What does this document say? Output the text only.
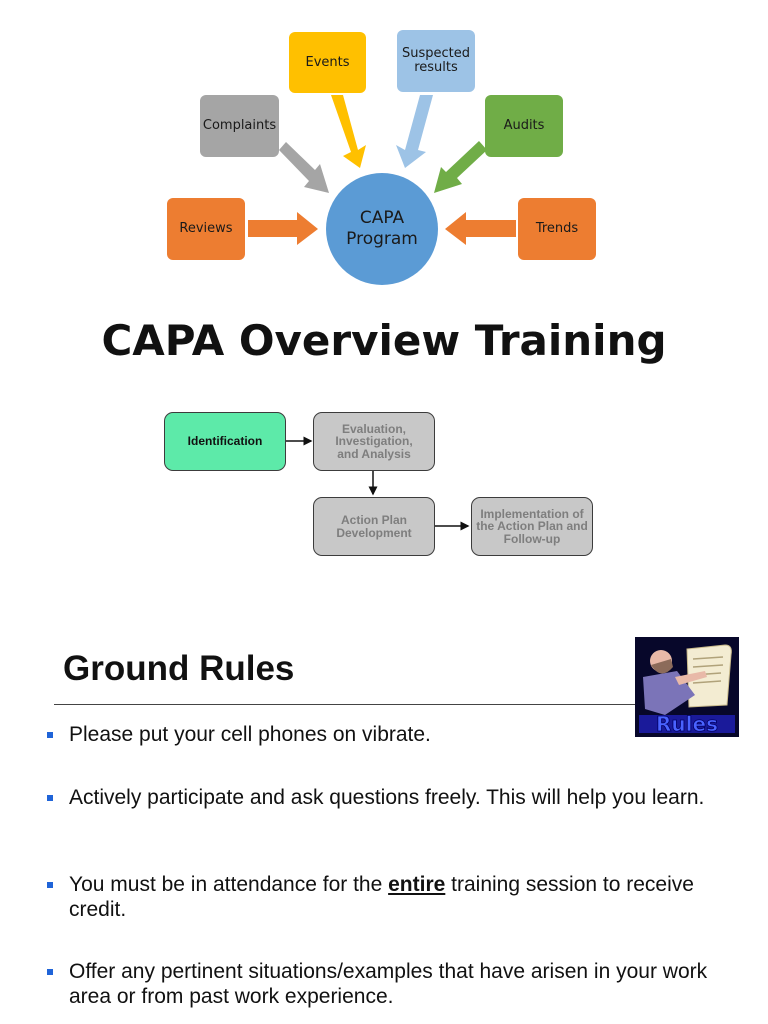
Events
Suspected results
Complaints	Audits
Reviews	Trends
CAPA Program
CAPA Overview Training
Identification
Evaluation, Investigation, and Analysis
Action Plan Development
Implementation of the Action Plan and Follow-up
Ground Rules
Rules
Please put your cell phones on vibrate.
Actively participate and ask questions freely. This will help you learn.
You must be in attendance for the entire training session to receive credit.
Offer any pertinent situations/examples that have arisen in your work area or from past work experience.
